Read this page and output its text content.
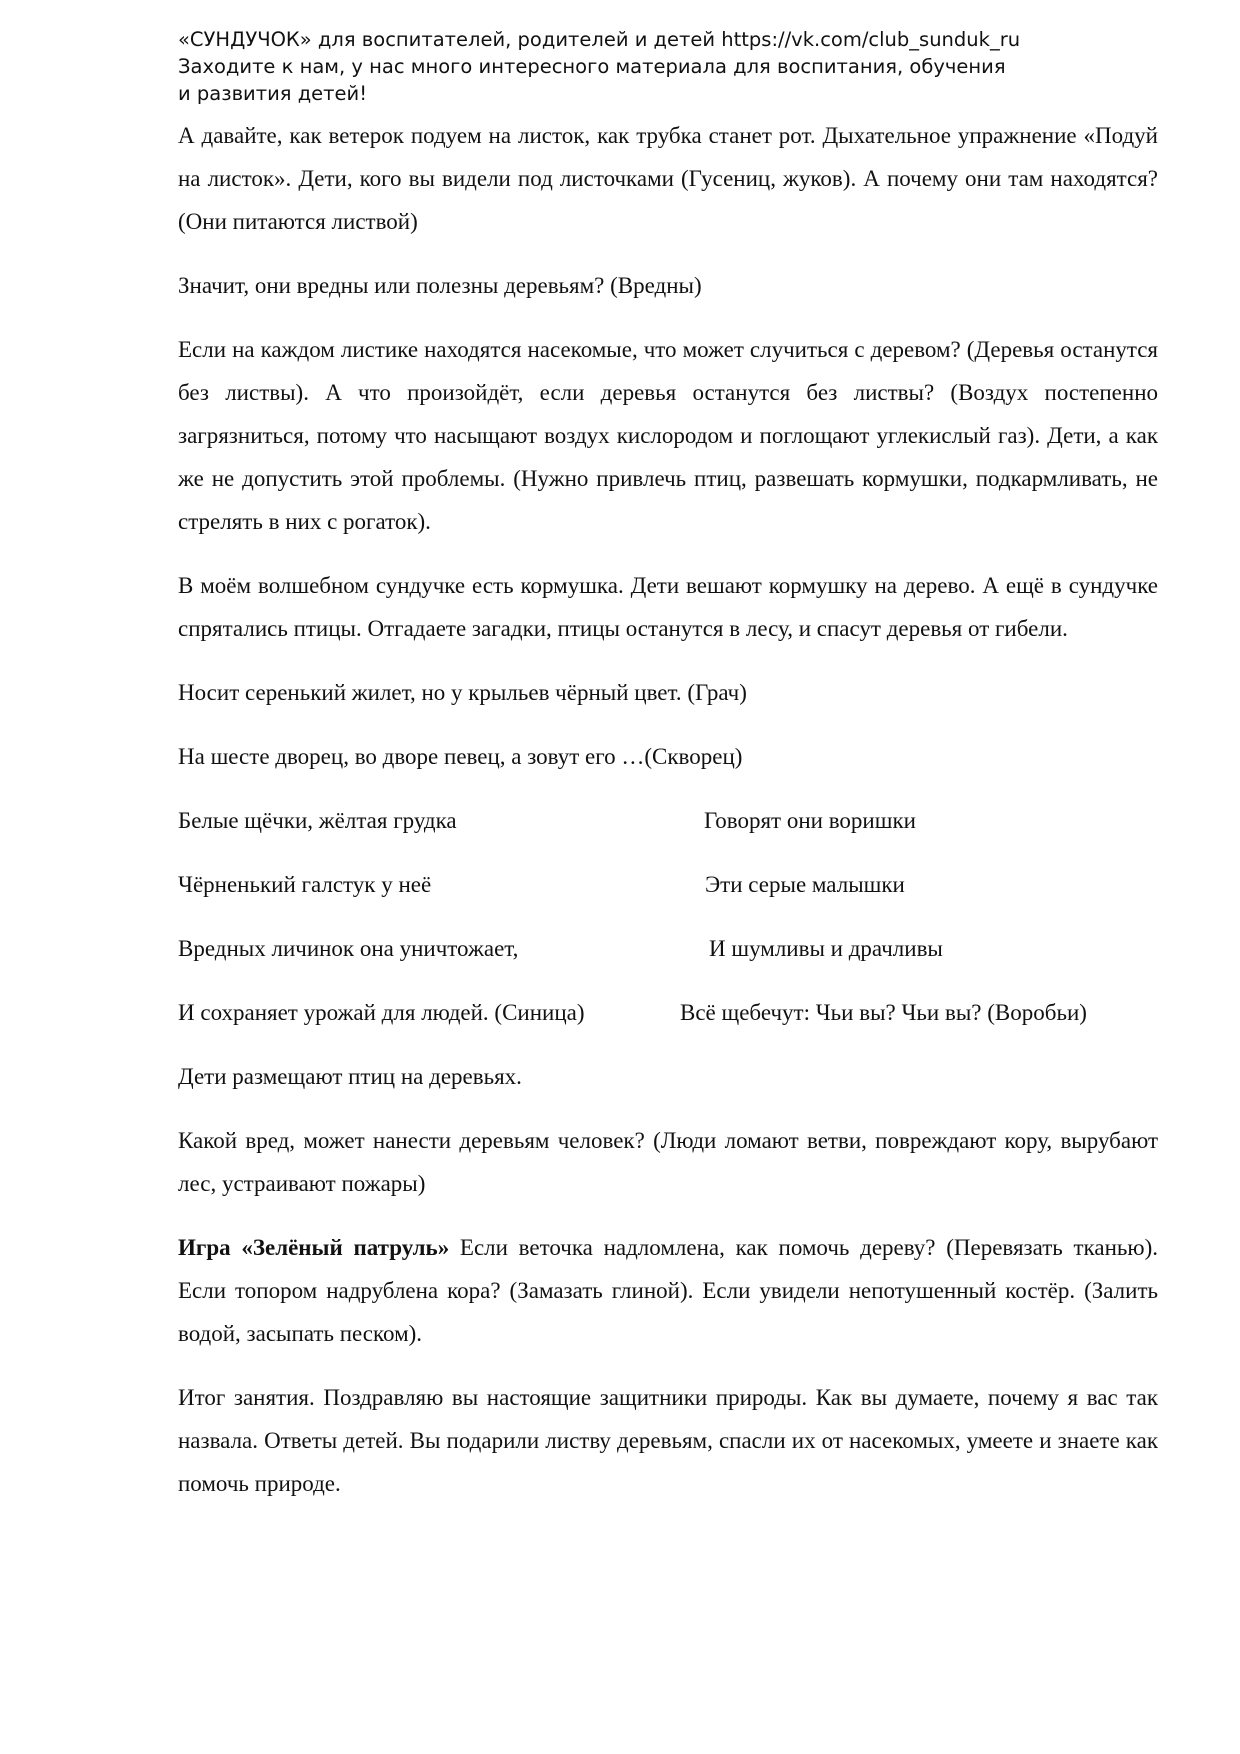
«СУНДУЧОК» для воспитателей, родителей и детей https://vk.com/club_sunduk_ru
Заходите к нам, у нас много интересного материала для воспитания, обучения
и развития детей!

А давайте, как ветерок подуем на листок, как трубка станет рот. Дыхательное упражнение «Подуй на листок». Дети, кого вы видели под листочками (Гусениц, жуков). А почему они там находятся? (Они питаются листвой)

Значит, они вредны или полезны деревьям? (Вредны)

Если на каждом листике находятся насекомые, что может случиться с деревом? (Деревья останутся без листвы). А что произойдёт, если деревья останутся без листвы? (Воздух постепенно загрязниться, потому что насыщают воздух кислородом и поглощают углекислый газ). Дети, а как же не допустить этой проблемы. (Нужно привлечь птиц, развешать кормушки, подкармливать, не стрелять в них с рогаток).

В моём волшебном сундучке есть кормушка. Дети вешают кормушку на дерево. А ещё в сундучке спрятались птицы. Отгадаете загадки, птицы останутся в лесу, и спасут деревья от гибели.

Носит серенький жилет, но у крыльев чёрный цвет. (Грач)

На шесте дворец, во дворе певец, а зовут его …(Скворец)

Белые щёчки, жёлтая грудка	Говорят они воришки
Чёрненький галстук у неё	Эти серые малышки
Вредных личинок она уничтожает,	И шумливы и драчливы
И сохраняет урожай для людей. (Синица)	Всё щебечут: Чьи вы? Чьи вы? (Воробьи)

Дети размещают птиц на деревьях.

Какой вред, может нанести деревьям человек? (Люди ломают ветви, повреждают кору, вырубают лес, устраивают пожары)

Игра «Зелёный патруль» Если веточка надломлена, как помочь дереву? (Перевязать тканью). Если топором надрублена кора? (Замазать глиной). Если увидели непотушенный костёр. (Залить водой, засыпать песком).

Итог занятия. Поздравляю вы настоящие защитники природы. Как вы думаете, почему я вас так назвала. Ответы детей. Вы подарили листву деревьям, спасли их от насекомых, умеете и знаете как помочь природе.
